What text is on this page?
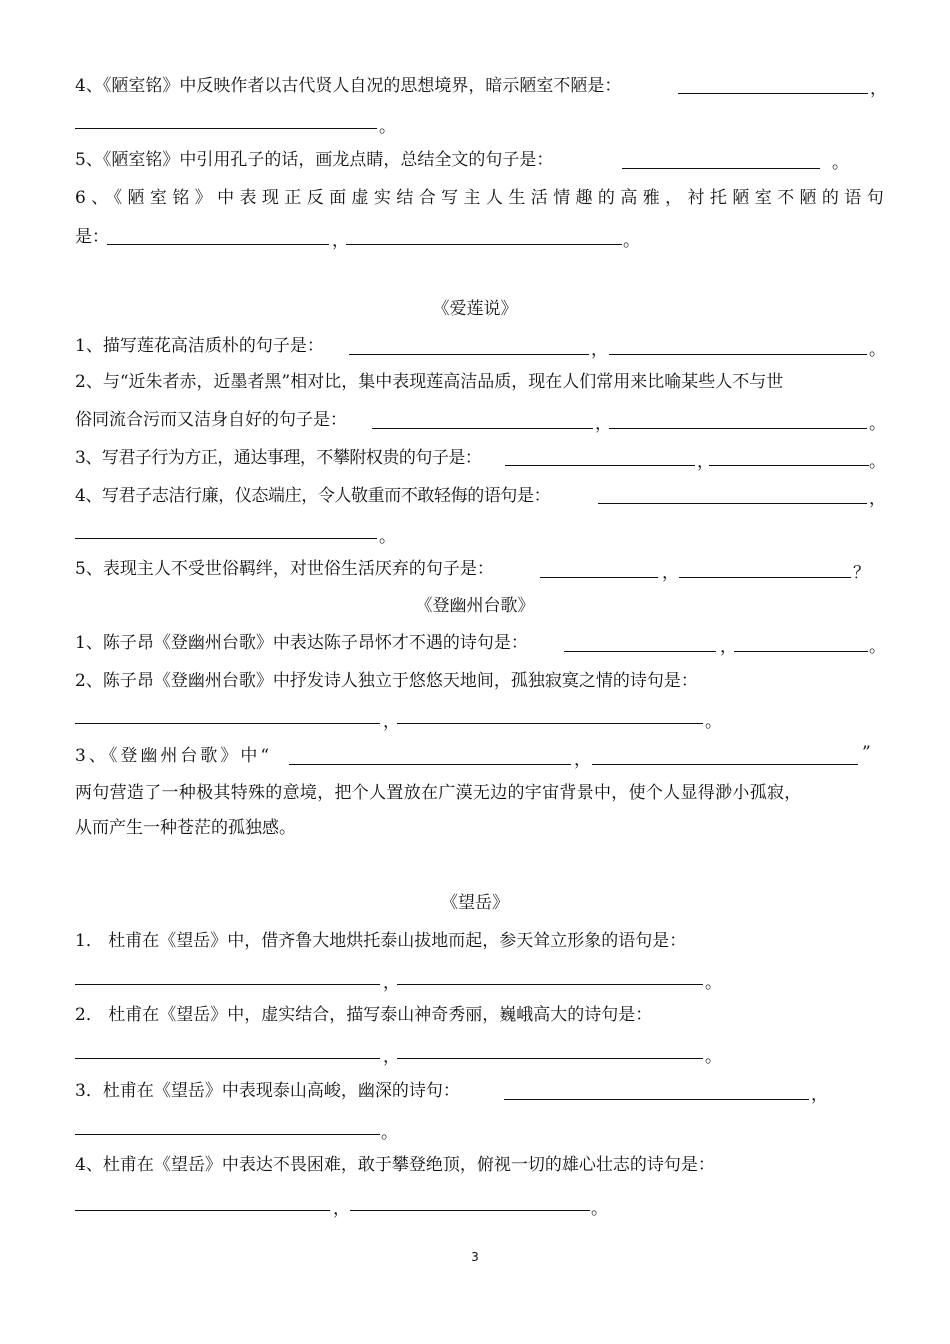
4、《陋室铭》中反映作者以古代贤人自况的思想境界，暗示陋室不陋是：	，
。
5、《陋室铭》中引用孔子的话，画龙点睛，总结全文的句子是：	。
6、《陋室铭》中表现正反面虚实结合写主人生活情趣的高雅，衬托陋室不陋的语句
是：	，	。
《爱莲说》
1、描写莲花高洁质朴的句子是：	，	。
2、与“近朱者赤，近墨者黑”相对比，集中表现莲高洁品质，现在人们常用来比喻某些人不与世
俗同流合污而又洁身自好的句子是：	，	。
3、写君子行为方正，通达事理，不攀附权贵的句子是：	，	。
4、写君子志洁行廉，仪态端庄，令人敬重而不敢轻侮的语句是：	，
。
5、表现主人不受世俗羁绊，对世俗生活厌弃的句子是：	，	？
《登幽州台歌》
1、陈子昂《登幽州台歌》中表达陈子昂怀才不遇的诗句是：	，	。
2、陈子昂《登幽州台歌》中抒发诗人独立于悠悠天地间，孤独寂寞之情的诗句是：
，	。
3、《登幽州台歌》中“	，	”
两句营造了一种极其特殊的意境，把个人置放在广漠无边的宇宙背景中，使个人显得渺小孤寂，
从而产生一种苍茫的孤独感。
《望岳》
1． 杜甫在《望岳》中，借齐鲁大地烘托泰山拔地而起，参天耸立形象的语句是：
，	。
2． 杜甫在《望岳》中，虚实结合，描写泰山神奇秀丽，巍峨高大的诗句是：
，	。
3．杜甫在《望岳》中表现泰山高峻，幽深的诗句：	，
。
4、杜甫在《望岳》中表达不畏困难，敢于攀登绝顶，俯视一切的雄心壮志的诗句是：
，	。
3
